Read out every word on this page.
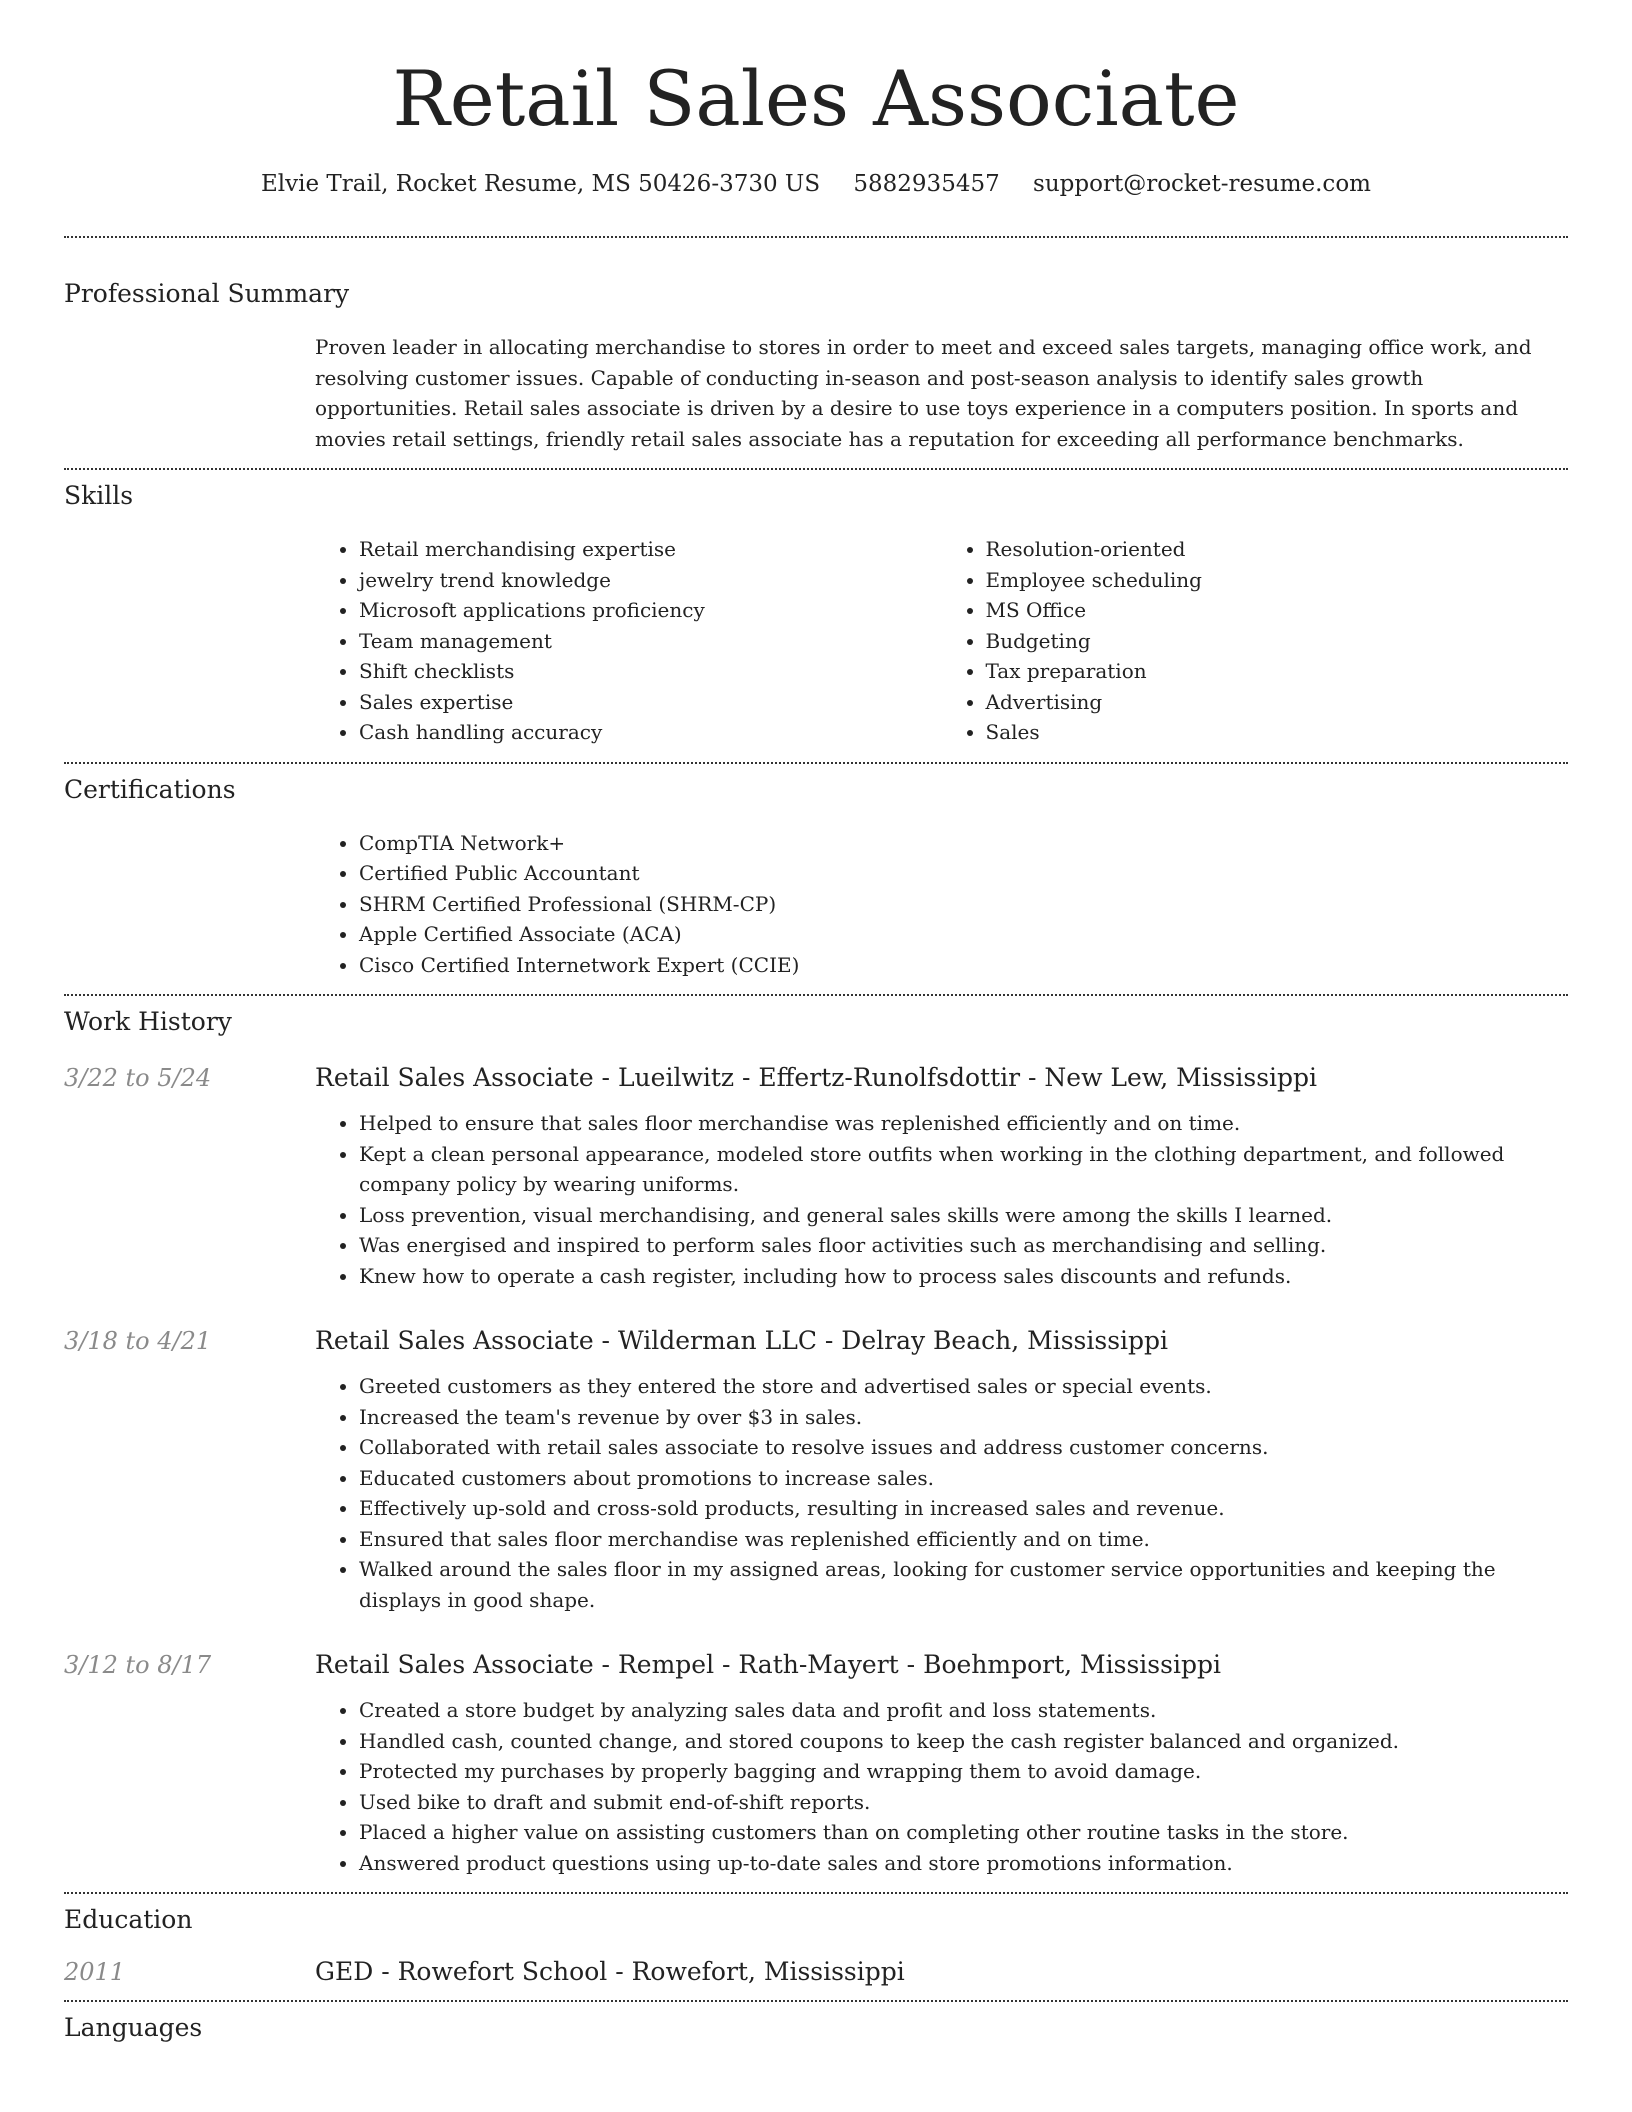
Retail Sales Associate
Elvie Trail, Rocket Resume, MS 50426-3730 US 5882935457 support@rocket-resume.com
Professional Summary
Proven leader in allocating merchandise to stores in order to meet and exceed sales targets, managing office work, and resolving customer issues. Capable of conducting in-season and post-season analysis to identify sales growth opportunities. Retail sales associate is driven by a desire to use toys experience in a computers position. In sports and movies retail settings, friendly retail sales associate has a reputation for exceeding all performance benchmarks.
Skills
• Retail merchandising expertise
• jewelry trend knowledge
• Microsoft applications proficiency
• Team management
• Shift checklists
• Sales expertise
• Cash handling accuracy
• Resolution-oriented
• Employee scheduling
• MS Office
• Budgeting
• Tax preparation
• Advertising
• Sales
Certifications
• CompTIA Network+
• Certified Public Accountant
• SHRM Certified Professional (SHRM-CP)
• Apple Certified Associate (ACA)
• Cisco Certified Internetwork Expert (CCIE)
Work History
3/22 to 5/24	Retail Sales Associate - Lueilwitz - Effertz-Runolfsdottir - New Lew, Mississippi
• Helped to ensure that sales floor merchandise was replenished efficiently and on time.
• Kept a clean personal appearance, modeled store outfits when working in the clothing department, and followed company policy by wearing uniforms.
• Loss prevention, visual merchandising, and general sales skills were among the skills I learned.
• Was energised and inspired to perform sales floor activities such as merchandising and selling.
• Knew how to operate a cash register, including how to process sales discounts and refunds.
3/18 to 4/21	Retail Sales Associate - Wilderman LLC - Delray Beach, Mississippi
• Greeted customers as they entered the store and advertised sales or special events.
• Increased the team's revenue by over $3 in sales.
• Collaborated with retail sales associate to resolve issues and address customer concerns.
• Educated customers about promotions to increase sales.
• Effectively up-sold and cross-sold products, resulting in increased sales and revenue.
• Ensured that sales floor merchandise was replenished efficiently and on time.
• Walked around the sales floor in my assigned areas, looking for customer service opportunities and keeping the displays in good shape.
3/12 to 8/17	Retail Sales Associate - Rempel - Rath-Mayert - Boehmport, Mississippi
• Created a store budget by analyzing sales data and profit and loss statements.
• Handled cash, counted change, and stored coupons to keep the cash register balanced and organized.
• Protected my purchases by properly bagging and wrapping them to avoid damage.
• Used bike to draft and submit end-of-shift reports.
• Placed a higher value on assisting customers than on completing other routine tasks in the store.
• Answered product questions using up-to-date sales and store promotions information.
Education
2011	GED - Rowefort School - Rowefort, Mississippi
Languages
